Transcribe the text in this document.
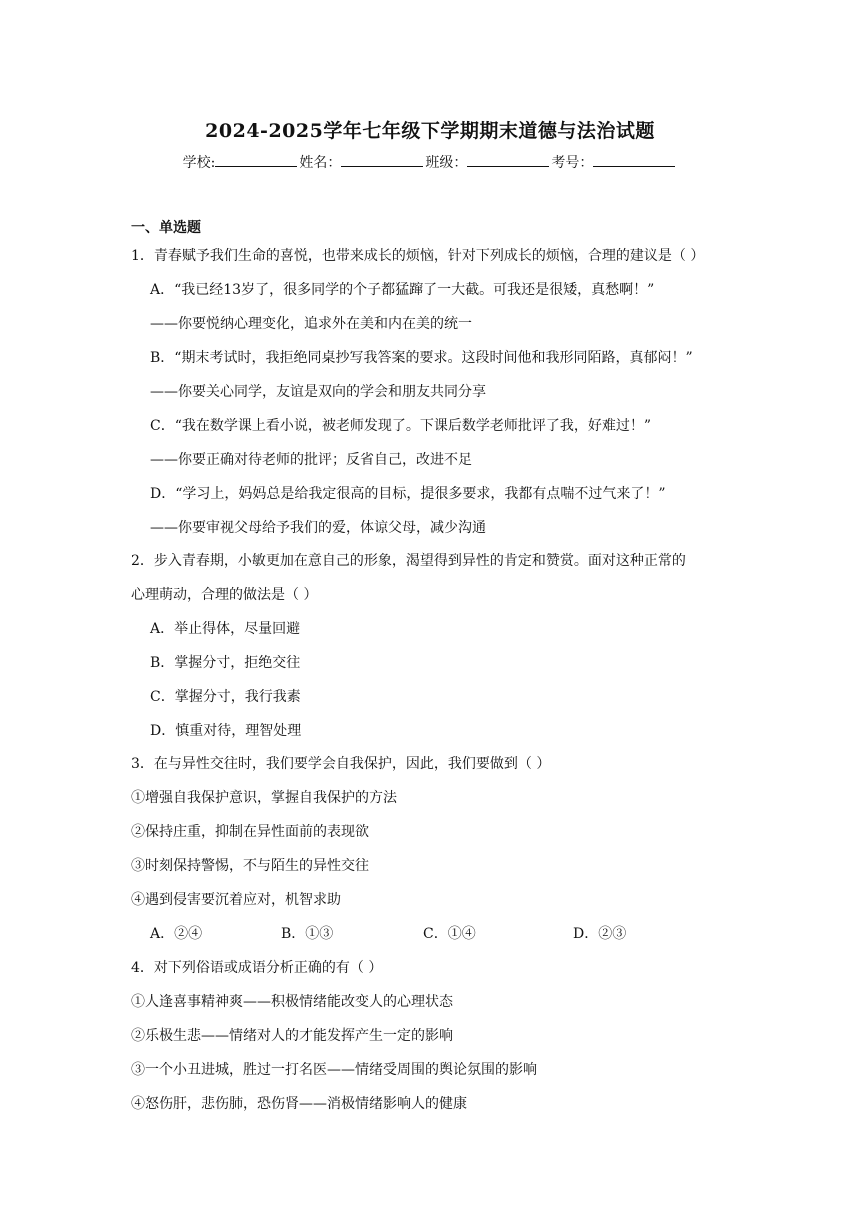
2024-2025学年七年级下学期期末道德与法治试题
学校:	姓名：	班级：	考号：
一、单选题
1．青春赋予我们生命的喜悦，也带来成长的烦恼，针对下列成长的烦恼，合理的建议是（ ）
A．“我已经13岁了，很多同学的个子都猛蹿了一大截。可我还是很矮，真愁啊！”
——你要悦纳心理变化，追求外在美和内在美的统一
B．“期末考试时，我拒绝同桌抄写我答案的要求。这段时间他和我形同陌路，真郁闷！”
——你要关心同学，友谊是双向的学会和朋友共同分享
C．“我在数学课上看小说，被老师发现了。下课后数学老师批评了我，好难过！”
——你要正确对待老师的批评；反省自己，改进不足
D．“学习上，妈妈总是给我定很高的目标，提很多要求，我都有点喘不过气来了！”
——你要审视父母给予我们的爱，体谅父母，减少沟通
2．步入青春期，小敏更加在意自己的形象，渴望得到异性的肯定和赞赏。面对这种正常的
心理萌动，合理的做法是（ ）
A．举止得体，尽量回避
B．掌握分寸，拒绝交往
C．掌握分寸，我行我素
D．慎重对待，理智处理
3．在与异性交往时，我们要学会自我保护，因此，我们要做到（ ）
①增强自我保护意识，掌握自我保护的方法
②保持庄重，抑制在异性面前的表现欲
③时刻保持警惕，不与陌生的异性交往
④遇到侵害要沉着应对，机智求助
A．②④	B．①③	C．①④	D．②③
4．对下列俗语或成语分析正确的有（ ）
①人逢喜事精神爽——积极情绪能改变人的心理状态
②乐极生悲——情绪对人的才能发挥产生一定的影响
③一个小丑进城，胜过一打名医——情绪受周围的舆论氛围的影响
④怒伤肝，悲伤肺，恐伤肾——消极情绪影响人的健康
